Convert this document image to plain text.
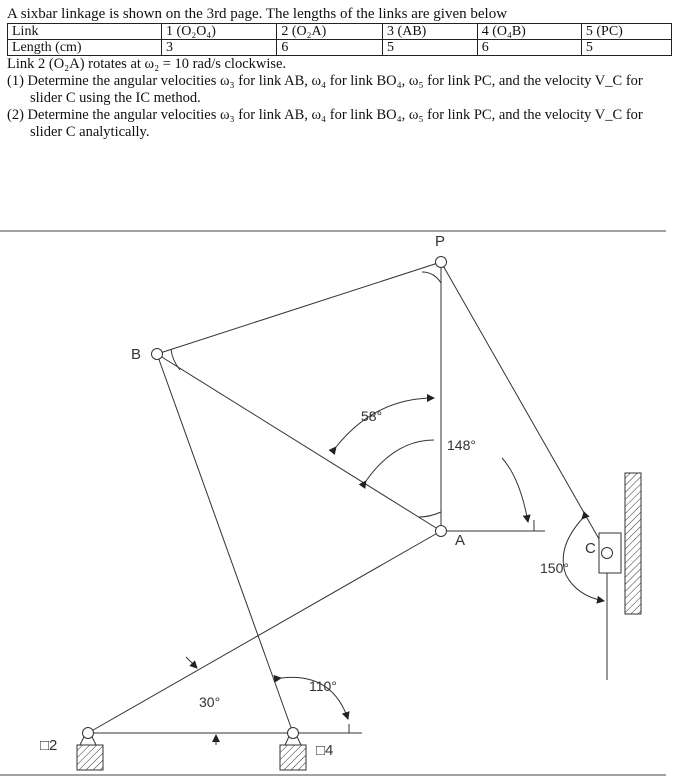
A sixbar linkage is shown on the 3rd page. The lengths of the links are given below

Link	1 (O₂O₄)	2 (O₂A)	3 (AB)	4 (O₄B)	5 (PC)
Length (cm)	3	6	5	6	5

Link 2 (O₂A) rotates at ω₂ = 10 rad/s clockwise.

(1) Determine the angular velocities ω₃ for link AB, ω₄ for link BO₄, ω₅ for link PC, and the velocity V_C for slider C using the IC method.

(2) Determine the angular velocities ω₃ for link AB, ω₄ for link BO₄, ω₅ for link PC, and the velocity V_C for slider C analytically.

P
B
A	C
□2	□4
58°
148°
150°
110°
30°
